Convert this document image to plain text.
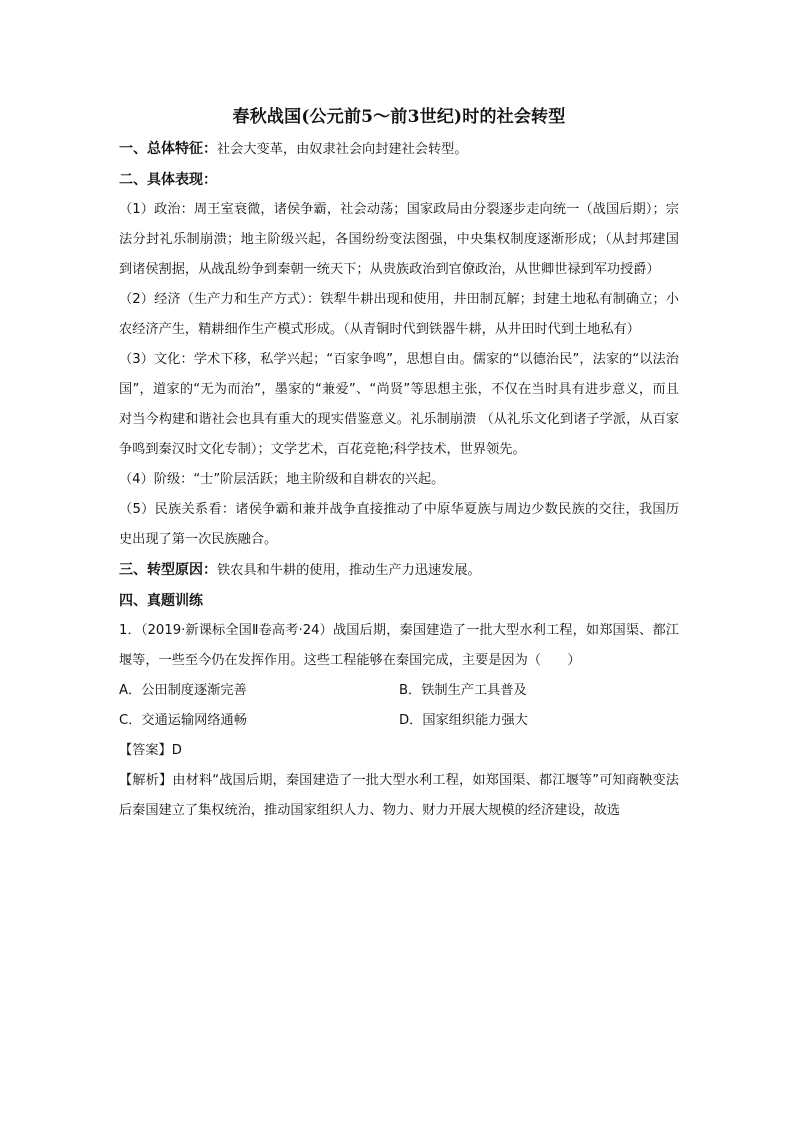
春秋战国(公元前5～前3世纪)时的社会转型

一、总体特征：社会大变革，由奴隶社会向封建社会转型。

二、具体表现：

（1）政治：周王室衰微，诸侯争霸，社会动荡；国家政局由分裂逐步走向统一（战国后期）；宗法分封礼乐制崩溃；地主阶级兴起，各国纷纷变法图强，中央集权制度逐渐形成；（从封邦建国到诸侯割据，从战乱纷争到秦朝一统天下；从贵族政治到官僚政治，从世卿世禄到军功授爵）

（2）经济（生产力和生产方式）：铁犁牛耕出现和使用，井田制瓦解；封建土地私有制确立；小农经济产生，精耕细作生产模式形成。（从青铜时代到铁器牛耕，从井田时代到土地私有）

（3）文化：学术下移，私学兴起；“百家争鸣”，思想自由。儒家的“以德治民”，法家的“以法治国”，道家的“无为而治”，墨家的“兼爱”、“尚贤”等思想主张，不仅在当时具有进步意义，而且对当今构建和谐社会也具有重大的现实借鉴意义。礼乐制崩溃 （从礼乐文化到诸子学派，从百家争鸣到秦汉时文化专制）；文学艺术，百花竞艳;科学技术，世界领先。

（4）阶级：“士”阶层活跃；地主阶级和自耕农的兴起。

（5）民族关系看：诸侯争霸和兼并战争直接推动了中原华夏族与周边少数民族的交往，我国历史出现了第一次民族融合。

三、转型原因：铁农具和牛耕的使用，推动生产力迅速发展。

四、真题训练

1．（2019·新课标全国Ⅱ卷高考·24）战国后期，秦国建造了一批大型水利工程，如郑国渠、都江堰等，一些至今仍在发挥作用。这些工程能够在秦国完成，主要是因为（　　）

A．公田制度逐渐完善	B．铁制生产工具普及
C．交通运输网络通畅	D．国家组织能力强大

【答案】D

【解析】由材料“战国后期，秦国建造了一批大型水利工程，如郑国渠、都江堰等”可知商鞅变法后秦国建立了集权统治，推动国家组织人力、物力、财力开展大规模的经济建设，故选
